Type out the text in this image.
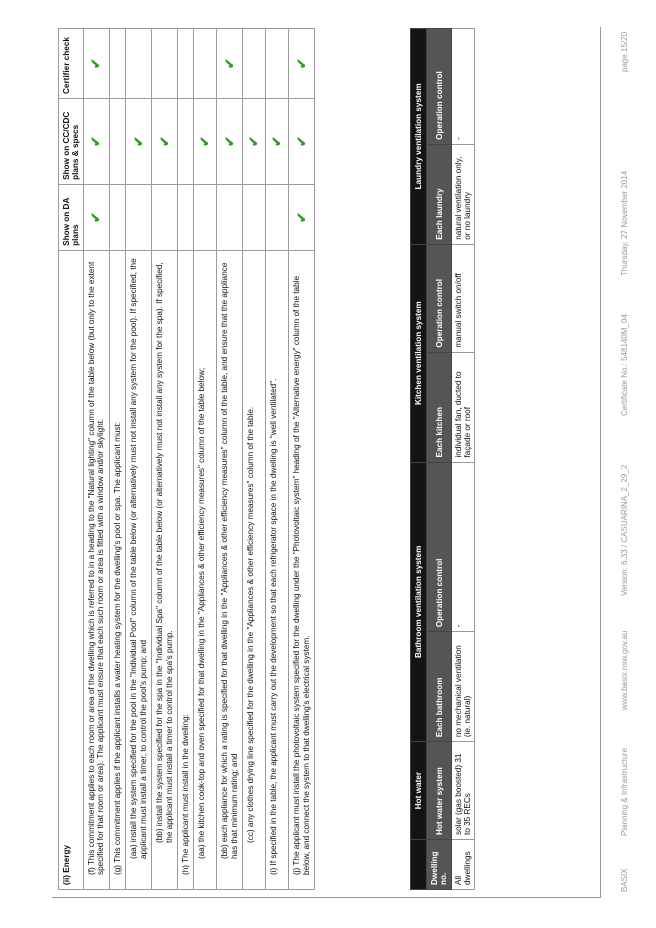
(ii) Energy	Show on DA plans	Show on CC/CDC plans & specs	Certifier check

(f) This commitment applies to each room or area of the dwelling which is referred to in a heading to the "Natural lighting" column of the table below (but only to the extent specified for that room or area). The applicant must ensure that each such room or area is fitted with a window and/or skylight.	✔	✔	✔

(g) This commitment applies if the applicant installs a water heating system for the dwelling's pool or spa. The applicant must:			

(aa) install the system specified for the pool in the "Individual Pool" column of the table below (or alternatively must not install any system for the pool). If specified, the applicant must install a timer, to control the pool's pump; and		✔	

(bb) install the system specified for the spa in the "Individual Spa" column of the table below (or alternatively must not install any system for the spa). If specified, the applicant must install a timer to control the spa's pump.		✔	

(h) The applicant must install in the dwelling:			

(aa) the kitchen cook-top and oven specified for that dwelling in the "Appliances & other efficiency measures" column of the table below;		✔	

(bb) each appliance for which a rating is specified for that dwelling in the "Appliances & other efficiency measures" column of the table, and ensure that the appliance has that minimum rating; and		✔	✔

(cc) any clothes drying line specified for the dwelling in the "Appliances & other efficiency measures" column of the table.		✔	

(i) If specified in the table, the applicant must carry out the development so that each refrigerator space in the dwelling is "well ventilated".		✔	

(j) The applicant must install the photovoltaic system specified for the dwelling under the "Photovoltaic system" heading of the "Alternative energy" column of the table below, and connect the system to that dwelling's electrical system.	✔	✔	✔
	Hot water	Bathroom ventilation system		Kitchen ventilation system		Laundry ventilation system	
Dwelling no.	Hot water system	Each bathroom	Operation control	Each kitchen	Operation control	Each laundry	Operation control
All dwellings	solar (gas boosted) 31 to 35 RECs	no mechanical ventilation (ie. natural)	-	individual fan, ducted to façade or roof	manual switch on/off	natural ventilation only, or no laundry	-
BASIX
Planning & Infrastructure
www.basix.nsw.gov.au
Version: 6.33 / CASUARINA_2_29_2
Certificate No.: 548140M_04
Thursday, 27 November 2014
page 15/20
